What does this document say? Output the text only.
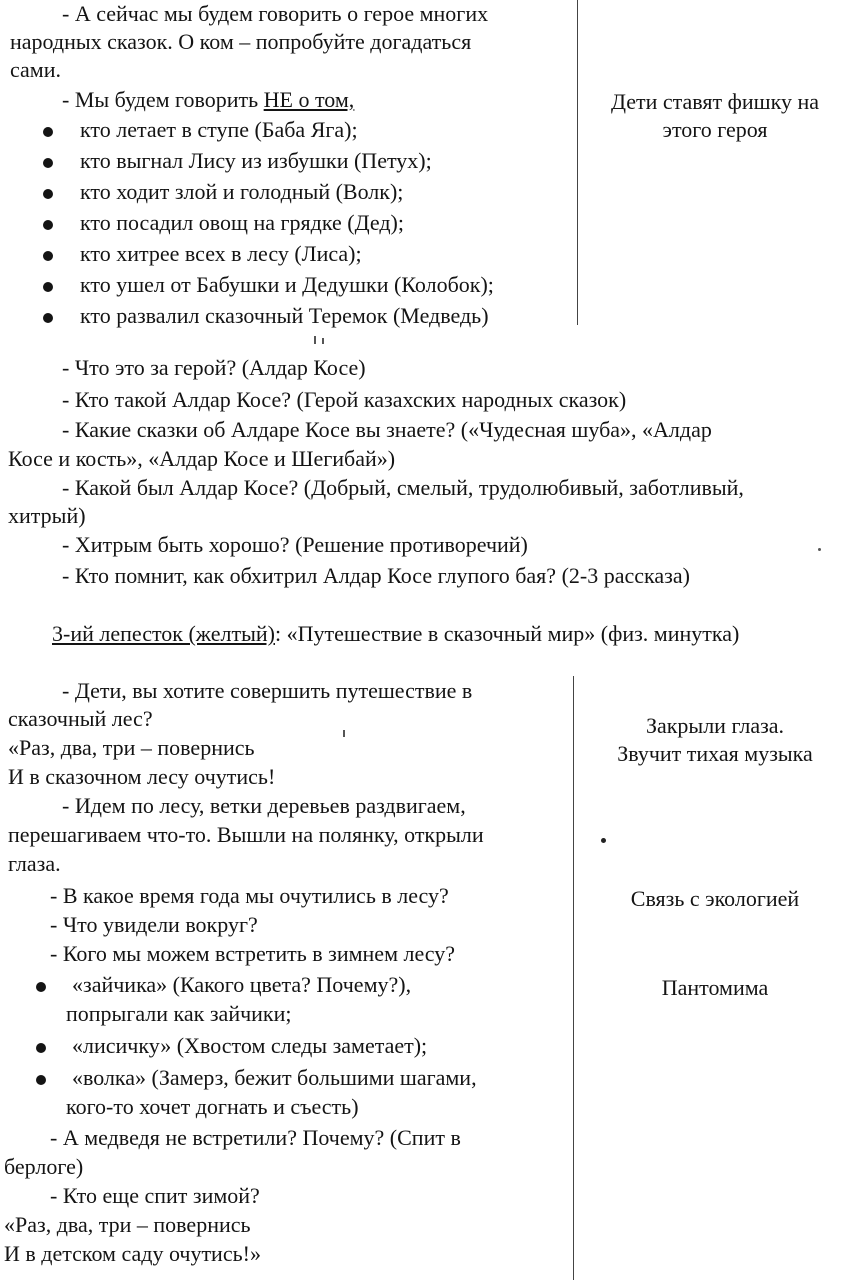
- А сейчас мы будем говорить о герое многих
народных сказок. О ком – попробуйте догадаться
сами.
- Мы будем говорить НЕ о том,
кто летает в ступе (Баба Яга);
кто выгнал Лису из избушки (Петух);
кто ходит злой и голодный (Волк);
кто посадил овощ на грядке (Дед);
кто хитрее всех в лесу (Лиса);
кто ушел от Бабушки и Дедушки (Колобок);
кто развалил сказочный Теремок (Медведь)
Дети ставят фишку на
этого героя
- Что это за герой? (Алдар Косе)
- Кто такой Алдар Косе? (Герой казахских народных сказок)
- Какие сказки об Алдаре Косе вы знаете? («Чудесная шуба», «Алдар
Косе и кость», «Алдар Косе и Шегибай»)
- Какой был Алдар Косе? (Добрый, смелый, трудолюбивый, заботливый,
хитрый)
- Хитрым быть хорошо? (Решение противоречий)
- Кто помнит, как обхитрил Алдар Косе глупого бая? (2-3 рассказа)
3-ий лепесток (желтый): «Путешествие в сказочный мир» (физ. минутка)
- Дети, вы хотите совершить путешествие в
сказочный лес?
«Раз, два, три – повернись
И в сказочном лесу очутись!
- Идем по лесу, ветки деревьев раздвигаем,
перешагиваем что-то. Вышли на полянку, открыли
глаза.
- В какое время года мы очутились в лесу?
- Что увидели вокруг?
- Кого мы можем встретить в зимнем лесу?
«зайчика» (Какого цвета? Почему?),
попрыгали как зайчики;
«лисичку» (Хвостом следы заметает);
«волка» (Замерз, бежит большими шагами,
кого-то хочет догнать и съесть)
- А медведя не встретили? Почему? (Спит в
берлоге)
- Кто еще спит зимой?
«Раз, два, три – повернись
И в детском саду очутись!»
Закрыли глаза.
Звучит тихая музыка
Связь с экологией
Пантомима
